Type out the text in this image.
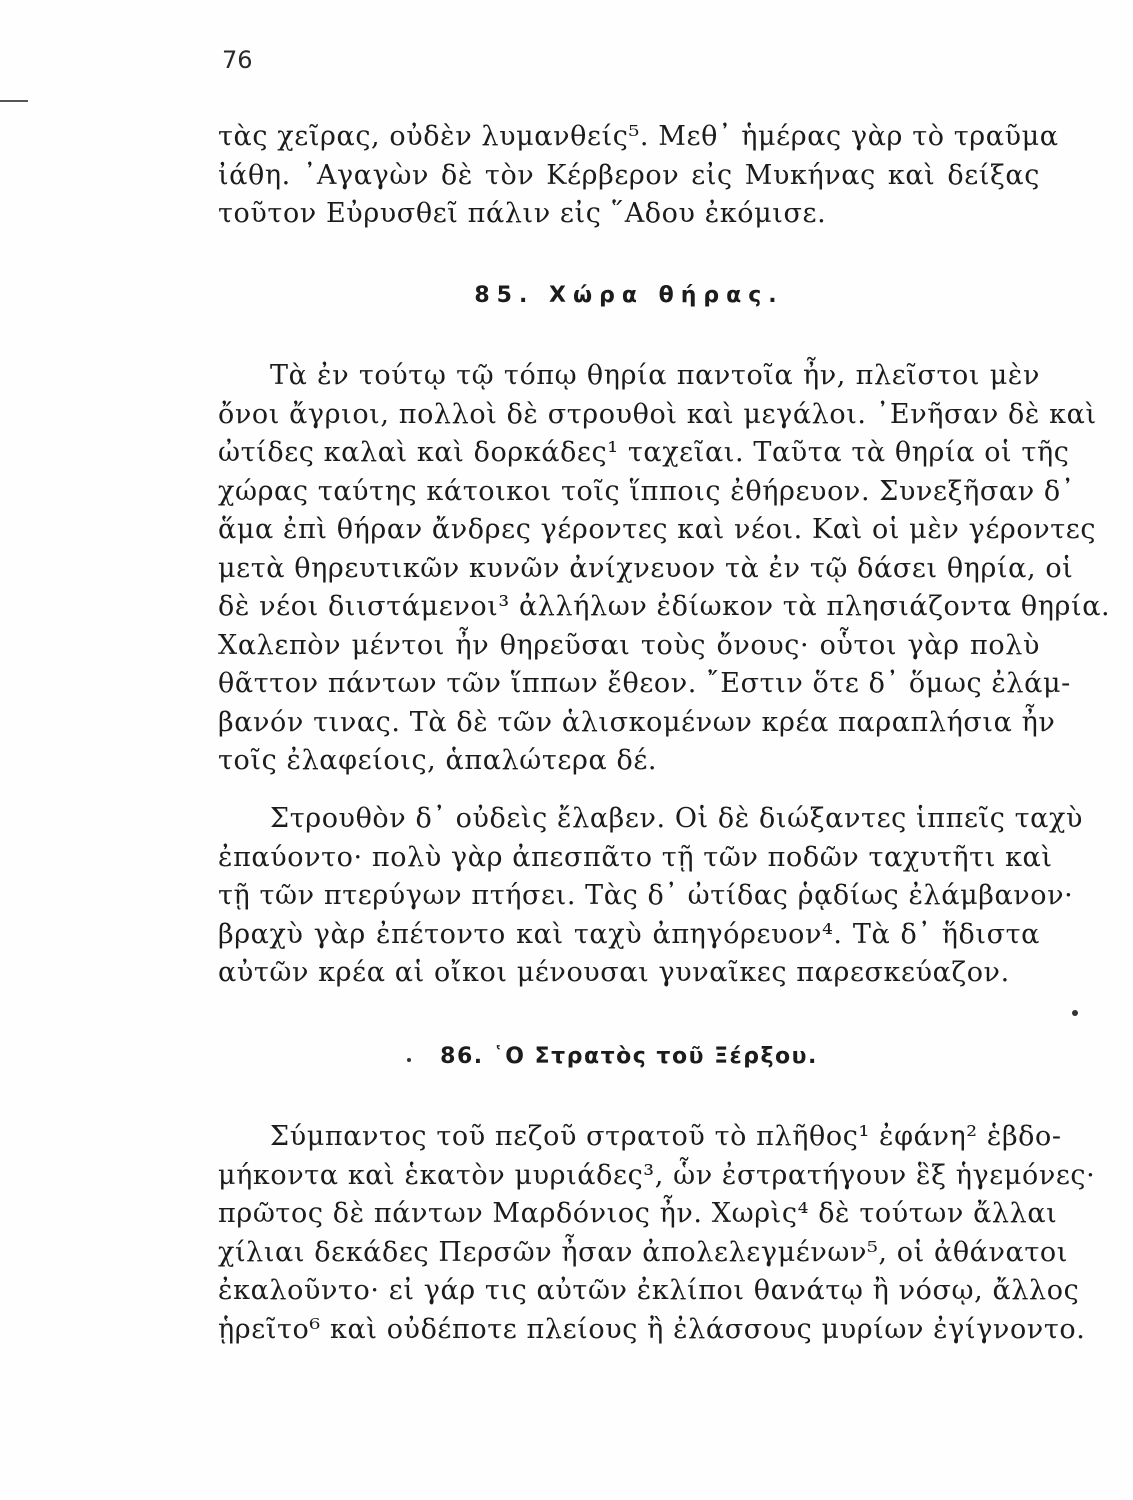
76
τὰς χεῖρας, οὐδὲν λυμανθείς⁵. Μεθ᾽ ἡμέρας γὰρ τὸ τραῦμα
ἰάθη. ᾿Αγαγὼν δὲ τὸν Κέρβερον εἰς Μυκήνας καὶ δείξας
τοῦτον Εὐρυσθεῖ πάλιν εἰς ῞Αδου ἐκόμισε.
85. Χώρα θήρας.
Τὰ ἐν τούτῳ τῷ τόπῳ θηρία παντοῖα ἦν, πλεῖστοι μὲν
ὄνοι ἄγριοι, πολλοὶ δὲ στρουθοὶ καὶ μεγάλοι. ᾿Ενῆσαν δὲ καὶ
ὠτίδες καλαὶ καὶ δορκάδες¹ ταχεῖαι. Ταῦτα τὰ θηρία οἱ τῆς
χώρας ταύτης κάτοικοι τοῖς ἵπποις ἐθήρευον. Συνεξῆσαν δ᾽
ἅμα ἐπὶ θήραν ἄνδρες γέροντες καὶ νέοι. Καὶ οἱ μὲν γέροντες
μετὰ θηρευτικῶν κυνῶν ἀνίχνευον τὰ ἐν τῷ δάσει θηρία, οἱ
δὲ νέοι διιστάμενοι³ ἀλλήλων ἐδίωκον τὰ πλησιάζοντα θηρία.
Χαλεπὸν μέντοι ἦν θηρεῦσαι τοὺς ὄνους· οὗτοι γὰρ πολὺ
θᾶττον πάντων τῶν ἵππων ἔθεον. ῎Εστιν ὅτε δ᾽ ὅμως ἐλάμ-
βανόν τινας. Τὰ δὲ τῶν ἁλισκομένων κρέα παραπλήσια ἦν
τοῖς ἐλαφείοις, ἁπαλώτερα δέ.
Στρουθὸν δ᾽ οὐδεὶς ἔλαβεν. Οἱ δὲ διώξαντες ἱππεῖς ταχὺ
ἐπαύοντο· πολὺ γὰρ ἀπεσπᾶτο τῇ τῶν ποδῶν ταχυτῆτι καὶ
τῇ τῶν πτερύγων πτήσει. Τὰς δ᾽ ὠτίδας ῥᾳδίως ἐλάμβανον·
βραχὺ γὰρ ἐπέτοντο καὶ ταχὺ ἀπηγόρευον⁴. Τὰ δ᾽ ἥδιστα
αὐτῶν κρέα αἱ οἴκοι μένουσαι γυναῖκες παρεσκεύαζον.
86. ῾Ο Στρατὸς τοῦ Ξέρξου.
Σύμπαντος τοῦ πεζοῦ στρατοῦ τὸ πλῆθος¹ ἐφάνη² ἑβδο-
μήκοντα καὶ ἑκατὸν μυριάδες³, ὧν ἐστρατήγουν ἓξ ἡγεμόνες·
πρῶτος δὲ πάντων Μαρδόνιος ἦν. Χωρὶς⁴ δὲ τούτων ἄλλαι
χίλιαι δεκάδες Περσῶν ἦσαν ἀπολελεγμένων⁵, οἱ ἀθάνατοι
ἐκαλοῦντο· εἰ γάρ τις αὐτῶν ἐκλίποι θανάτῳ ἢ νόσῳ, ἄλλος
ᾑρεῖτο⁶ καὶ οὐδέποτε πλείους ἢ ἐλάσσους μυρίων ἐγίγνοντο.
